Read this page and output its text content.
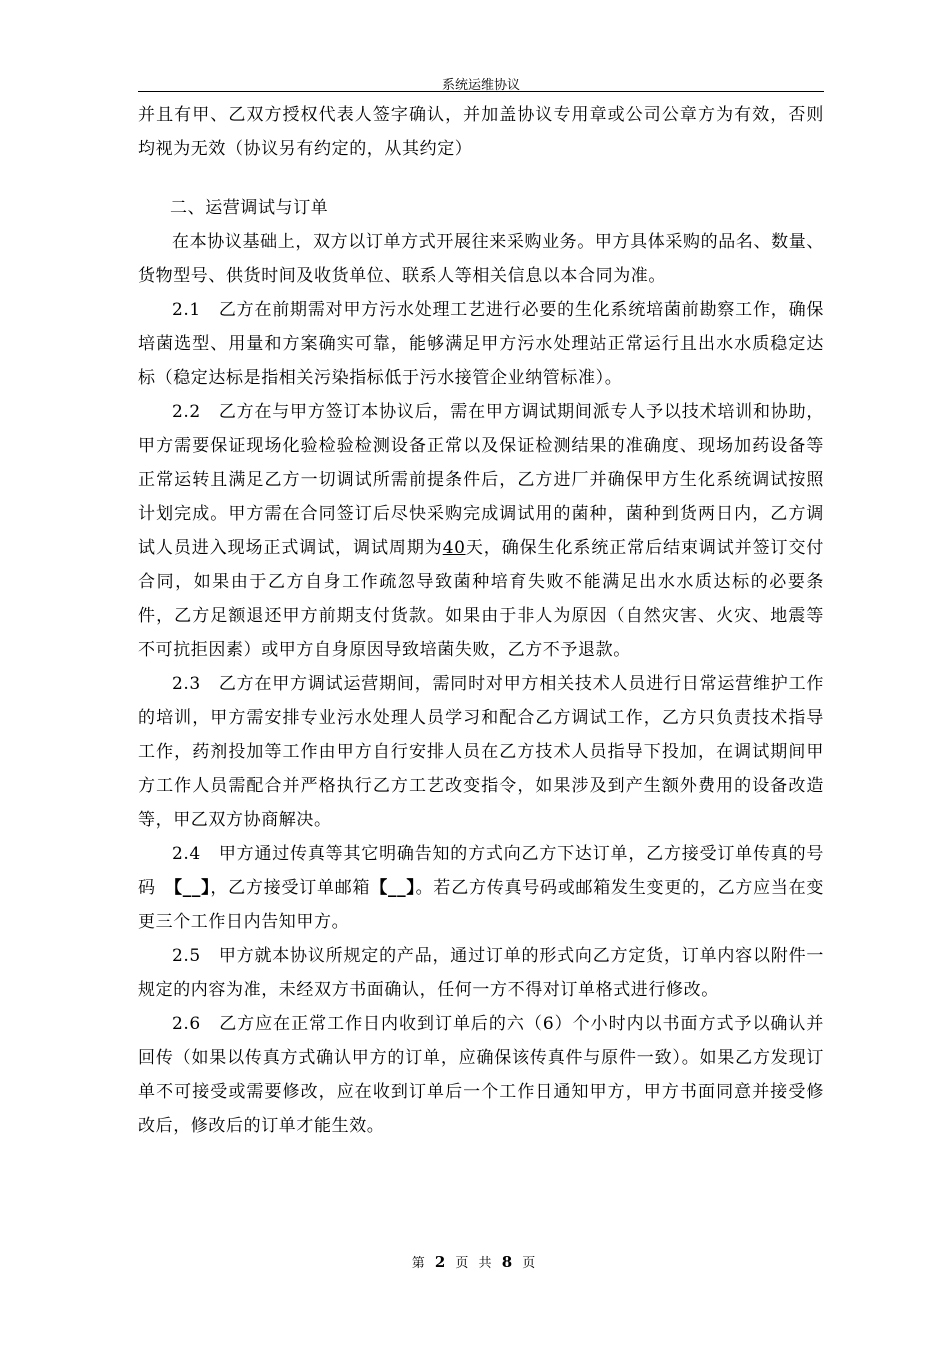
系统运维协议

并且有甲、乙双方授权代表人签字确认，并加盖协议专用章或公司公章方为有效，否则均视为无效（协议另有约定的，从其约定）

二、运营调试与订单

在本协议基础上，双方以订单方式开展往来采购业务。甲方具体采购的品名、数量、货物型号、供货时间及收货单位、联系人等相关信息以本合同为准。

2.1　乙方在前期需对甲方污水处理工艺进行必要的生化系统培菌前勘察工作，确保培菌选型、用量和方案确实可靠，能够满足甲方污水处理站正常运行且出水水质稳定达标（稳定达标是指相关污染指标低于污水接管企业纳管标准）。

2.2　乙方在与甲方签订本协议后，需在甲方调试期间派专人予以技术培训和协助，甲方需要保证现场化验检验检测设备正常以及保证检测结果的准确度、现场加药设备等正常运转且满足乙方一切调试所需前提条件后，乙方进厂并确保甲方生化系统调试按照计划完成。甲方需在合同签订后尽快采购完成调试用的菌种，菌种到货两日内，乙方调试人员进入现场正式调试，调试周期为40天，确保生化系统正常后结束调试并签订交付合同，如果由于乙方自身工作疏忽导致菌种培育失败不能满足出水水质达标的必要条件，乙方足额退还甲方前期支付货款。如果由于非人为原因（自然灾害、火灾、地震等不可抗拒因素）或甲方自身原因导致培菌失败，乙方不予退款。

2.3　乙方在甲方调试运营期间，需同时对甲方相关技术人员进行日常运营维护工作的培训，甲方需安排专业污水处理人员学习和配合乙方调试工作，乙方只负责技术指导工作，药剂投加等工作由甲方自行安排人员在乙方技术人员指导下投加，在调试期间甲方工作人员需配合并严格执行乙方工艺改变指令，如果涉及到产生额外费用的设备改造等，甲乙双方协商解决。

2.4　甲方通过传真等其它明确告知的方式向乙方下达订单，乙方接受订单传真的号码　【__】，乙方接受订单邮箱【__】。若乙方传真号码或邮箱发生变更的，乙方应当在变更三个工作日内告知甲方。

2.5　甲方就本协议所规定的产品，通过订单的形式向乙方定货，订单内容以附件一规定的内容为准，未经双方书面确认，任何一方不得对订单格式进行修改。

2.6　乙方应在正常工作日内收到订单后的六（6）个小时内以书面方式予以确认并回传（如果以传真方式确认甲方的订单，应确保该传真件与原件一致）。如果乙方发现订单不可接受或需要修改，应在收到订单后一个工作日通知甲方，甲方书面同意并接受修改后，修改后的订单才能生效。

第 2 页 共 8 页
